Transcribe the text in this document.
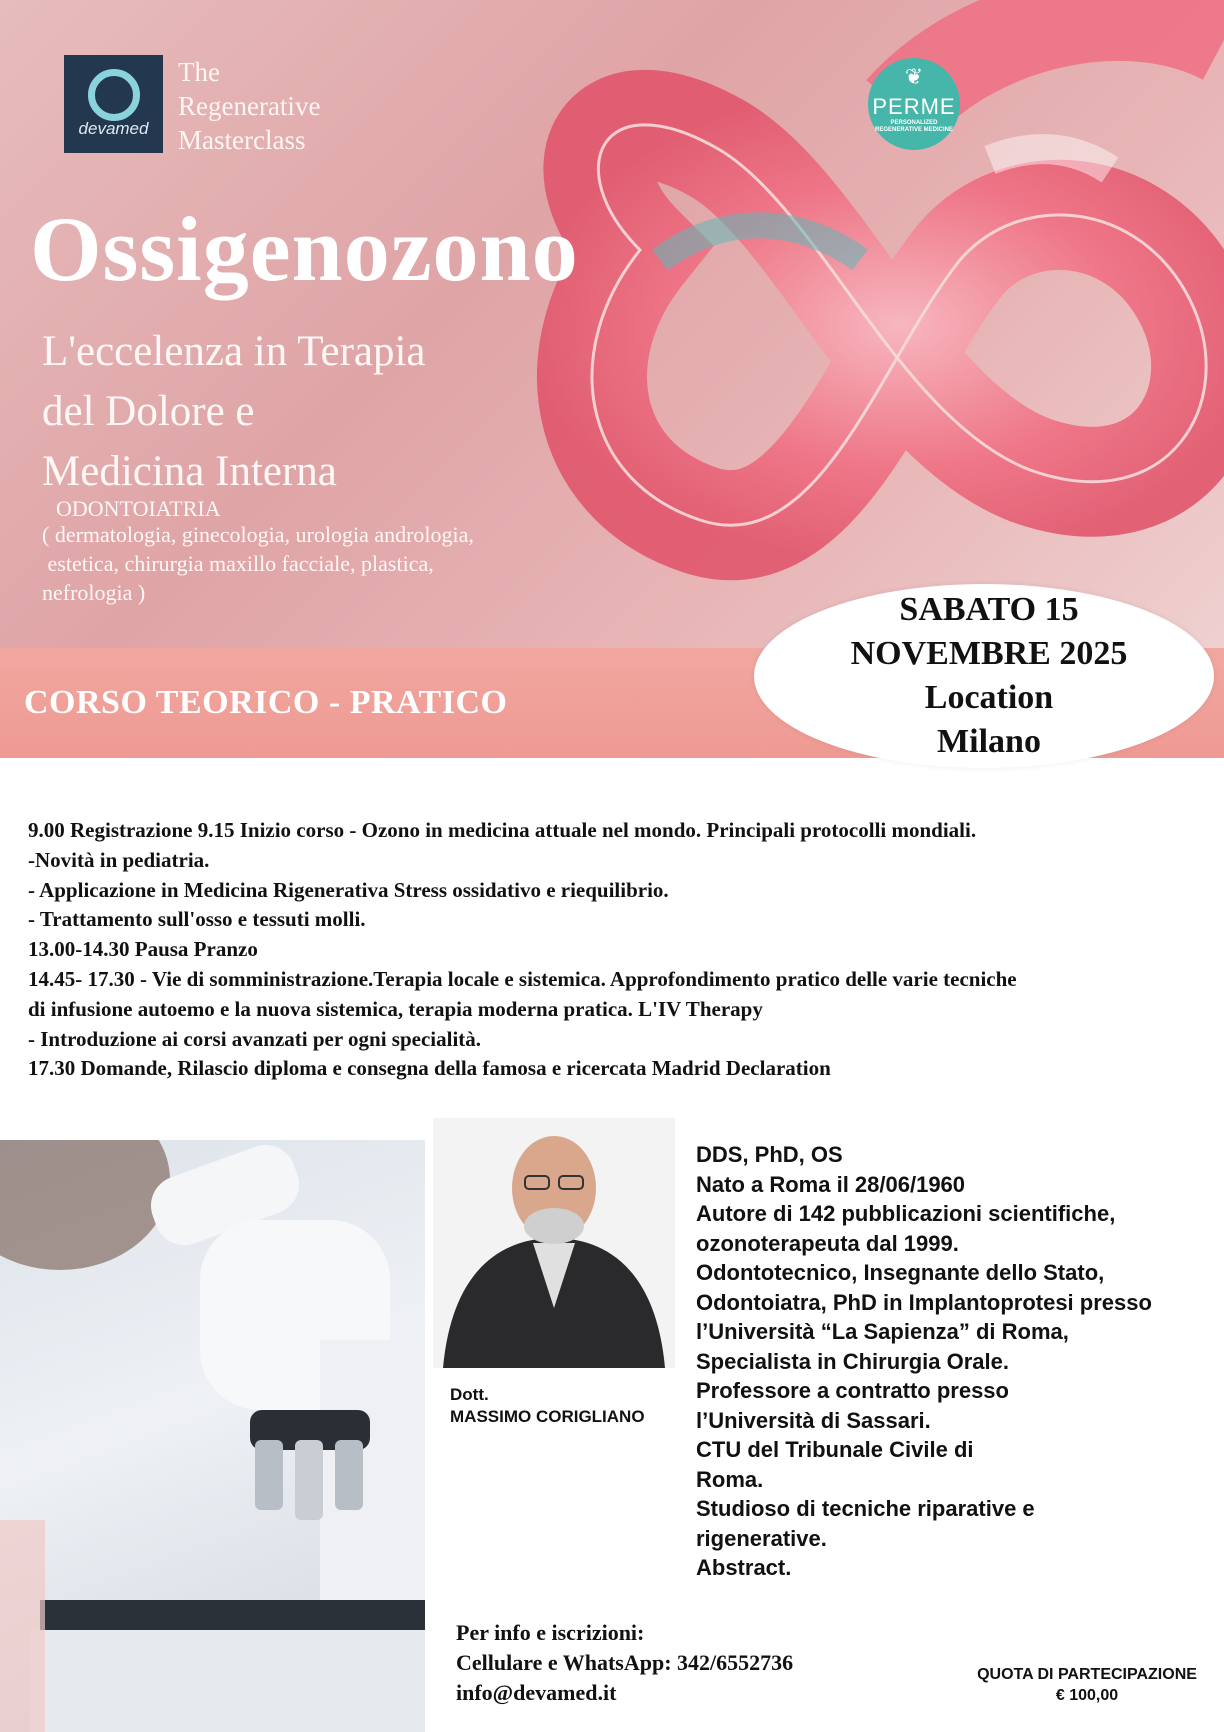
devamed
The
Regenerative
Masterclass
❦
PERME
PERSONALIZED REGENERATIVE MEDICINE
Ossigenozono
L'eccelenza in Terapia
del Dolore e
Medicina Interna
ODONTOIATRIA
( dermatologia, ginecologia, urologia andrologia,
estetica, chirurgia maxillo facciale, plastica,
nefrologia )
CORSO TEORICO - PRATICO
SABATO 15
NOVEMBRE 2025
Location
Milano
9.00 Registrazione 9.15 Inizio corso - Ozono in medicina attuale nel mondo. Principali protocolli mondiali.
-Novità in pediatria.
- Applicazione in Medicina Rigenerativa Stress ossidativo e riequilibrio.
- Trattamento sull'osso e tessuti molli.
13.00-14.30 Pausa Pranzo
14.45- 17.30 - Vie di somministrazione.Terapia locale e sistemica. Approfondimento pratico delle varie tecniche
di infusione autoemo e la nuova sistemica, terapia moderna pratica. L'IV Therapy
- Introduzione ai corsi avanzati per ogni specialità.
17.30 Domande, Rilascio diploma e consegna della famosa e ricercata Madrid Declaration
Dott.
MASSIMO CORIGLIANO
DDS, PhD, OS
Nato a Roma il 28/06/1960
Autore di 142 pubblicazioni scientifiche,
ozonoterapeuta dal 1999.
Odontotecnico, Insegnante dello Stato,
Odontoiatra, PhD in Implantoprotesi presso
l’Università “La Sapienza” di Roma,
Specialista in Chirurgia Orale.
Professore a contratto presso
l’Università di Sassari.
CTU del Tribunale Civile di
Roma.
Studioso di tecniche riparative e
rigenerative.
Abstract.
Per info e iscrizioni:
Cellulare e WhatsApp: 342/6552736
info@devamed.it
QUOTA DI PARTECIPAZIONE
€ 100,00
